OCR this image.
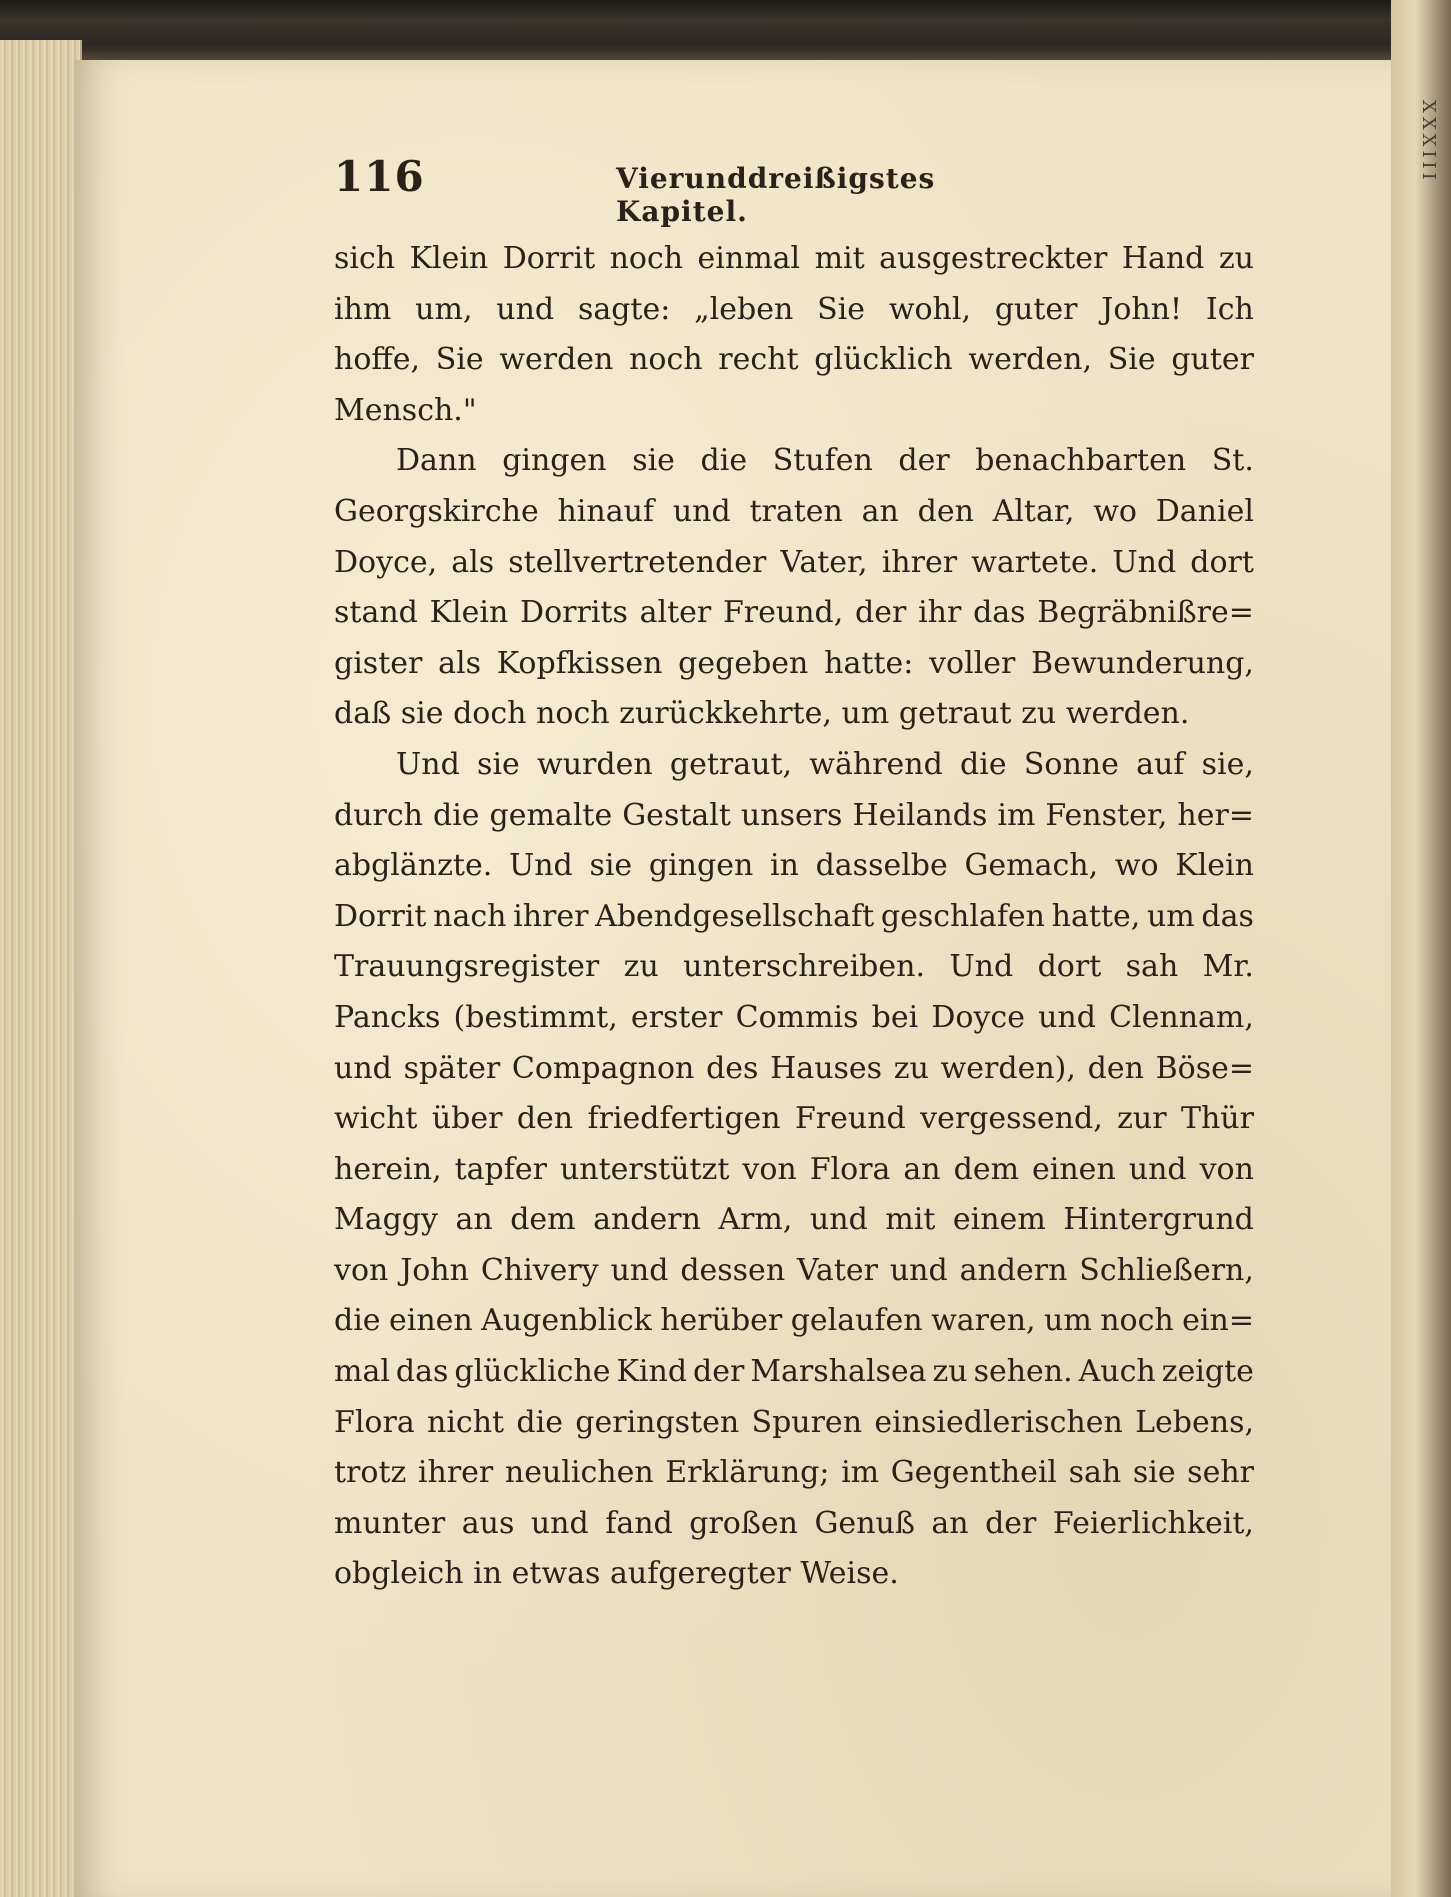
XXXIII
116	Vierunddreißigstes Kapitel.
sich Klein Dorrit noch einmal mit ausgestreckter Hand zu
ihm um, und sagte: „leben Sie wohl, guter John! Ich
hoffe, Sie werden noch recht glücklich werden, Sie guter
Mensch."
Dann gingen sie die Stufen der benachbarten St.
Georgskirche hinauf und traten an den Altar, wo Daniel
Doyce, als stellvertretender Vater, ihrer wartete. Und dort
stand Klein Dorrits alter Freund, der ihr das Begräbnißre=
gister als Kopfkissen gegeben hatte: voller Bewunderung,
daß sie doch noch zurückkehrte, um getraut zu werden.
Und sie wurden getraut, während die Sonne auf sie,
durch die gemalte Gestalt unsers Heilands im Fenster, her=
abglänzte. Und sie gingen in dasselbe Gemach, wo Klein
Dorrit nach ihrer Abendgesellschaft geschlafen hatte, um das
Trauungsregister zu unterschreiben. Und dort sah Mr.
Pancks (bestimmt, erster Commis bei Doyce und Clennam,
und später Compagnon des Hauses zu werden), den Böse=
wicht über den friedfertigen Freund vergessend, zur Thür
herein, tapfer unterstützt von Flora an dem einen und von
Maggy an dem andern Arm, und mit einem Hintergrund
von John Chivery und dessen Vater und andern Schließern,
die einen Augenblick herüber gelaufen waren, um noch ein=
mal das glückliche Kind der Marshalsea zu sehen. Auch zeigte
Flora nicht die geringsten Spuren einsiedlerischen Lebens,
trotz ihrer neulichen Erklärung; im Gegentheil sah sie sehr
munter aus und fand großen Genuß an der Feierlichkeit,
obgleich in etwas aufgeregter Weise.
